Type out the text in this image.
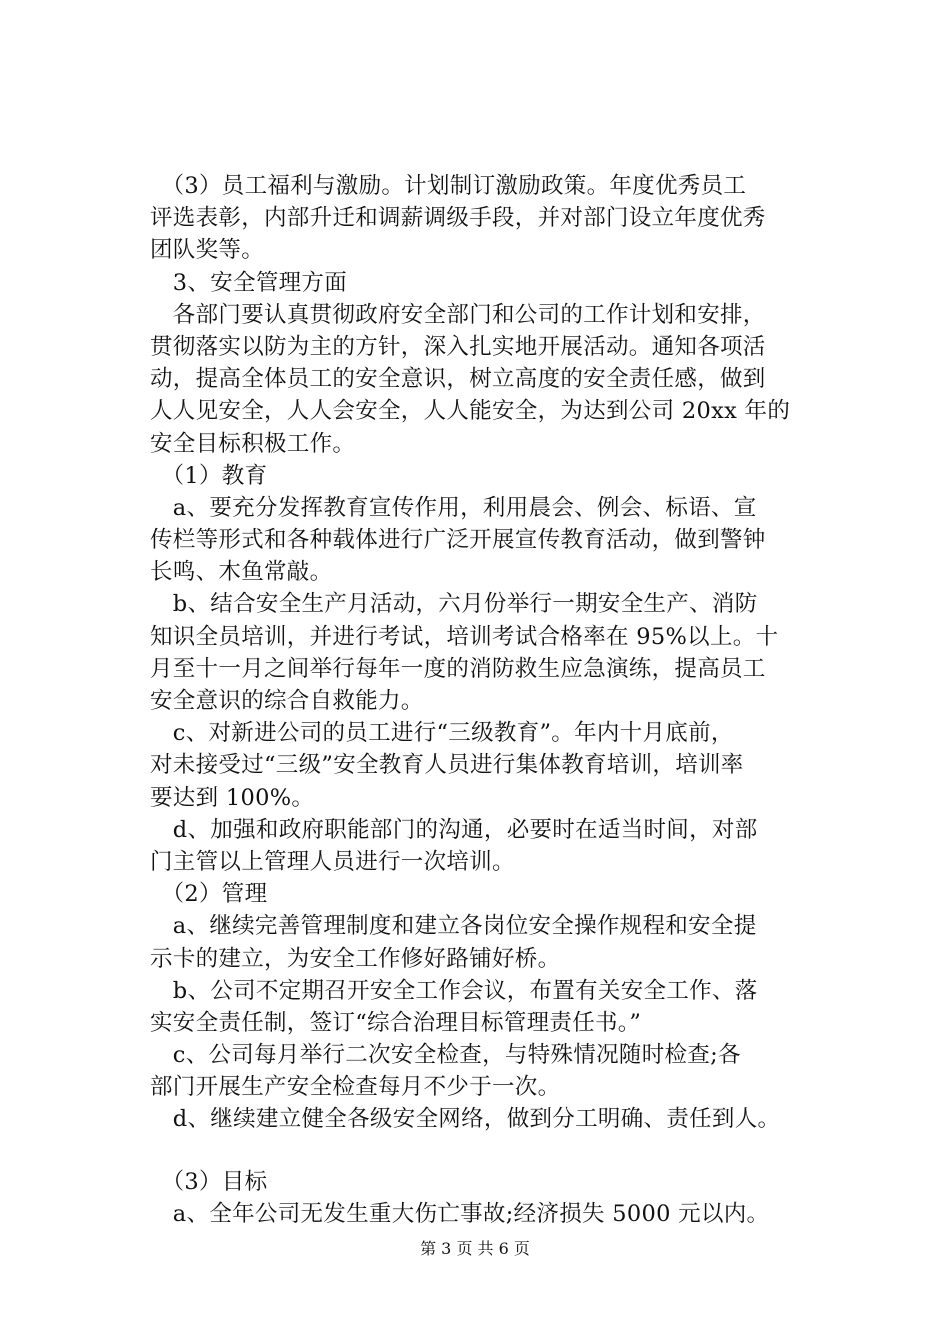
　（3）员工福利与激励。计划制订激励政策。年度优秀员工
评选表彰，内部升迁和调薪调级手段，并对部门设立年度优秀
团队奖等。
　3、安全管理方面
　各部门要认真贯彻政府安全部门和公司的工作计划和安排，
贯彻落实以防为主的方针，深入扎实地开展活动。通知各项活
动，提高全体员工的安全意识，树立高度的安全责任感，做到
人人见安全，人人会安全，人人能安全，为达到公司 20xx 年的
安全目标积极工作。
　（1）教育
　a、要充分发挥教育宣传作用，利用晨会、例会、标语、宣
传栏等形式和各种载体进行广泛开展宣传教育活动，做到警钟
长鸣、木鱼常敲。
　b、结合安全生产月活动，六月份举行一期安全生产、消防
知识全员培训，并进行考试，培训考试合格率在 95%以上。十
月至十一月之间举行每年一度的消防救生应急演练，提高员工
安全意识的综合自救能力。
　c、对新进公司的员工进行“三级教育”。年内十月底前，
对未接受过“三级”安全教育人员进行集体教育培训，培训率
要达到 100%。
　d、加强和政府职能部门的沟通，必要时在适当时间，对部
门主管以上管理人员进行一次培训。
　（2）管理
　a、继续完善管理制度和建立各岗位安全操作规程和安全提
示卡的建立，为安全工作修好路铺好桥。
　b、公司不定期召开安全工作会议，布置有关安全工作、落
实安全责任制，签订“综合治理目标管理责任书。”
　c、公司每月举行二次安全检查，与特殊情况随时检查;各
部门开展生产安全检查每月不少于一次。
　d、继续建立健全各级安全网络，做到分工明确、责任到人。
　（3）目标
　a、全年公司无发生重大伤亡事故;经济损失 5000 元以内。
第 3 页 共 6 页
